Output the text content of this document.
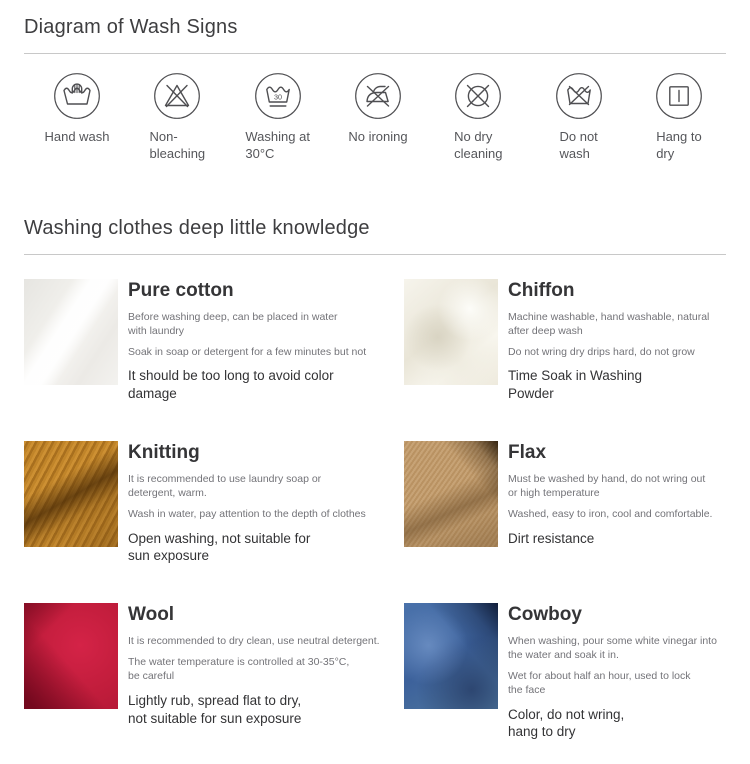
Diagram of Wash Signs
Hand wash	Non-
bleaching
30
Washing at
30°C
No ironing	No dry
cleaning
Do not
wash
Hang to
dry
Washing clothes deep little knowledge
Pure cotton

Before washing deep, can be placed in water
with laundry

Soak in soap or detergent for a few minutes but not

It should be too long to avoid color
damage

Chiffon

Machine washable, hand washable, natural
after deep wash

Do not wring dry drips hard, do not grow

Time Soak in Washing
Powder

Knitting

It is recommended to use laundry soap or
detergent, warm.

Wash in water, pay attention to the depth of clothes

Open washing, not suitable for
sun exposure

Flax

Must be washed by hand, do not wring out
or high temperature

Washed, easy to iron, cool and comfortable.

Dirt resistance

Wool

It is recommended to dry clean, use neutral detergent.

The water temperature is controlled at 30-35°C,
be careful

Lightly rub, spread flat to dry,
not suitable for sun exposure

Cowboy

When washing, pour some white vinegar into
the water and soak it in.

Wet for about half an hour, used to lock
the face

Color, do not wring,
hang to dry
